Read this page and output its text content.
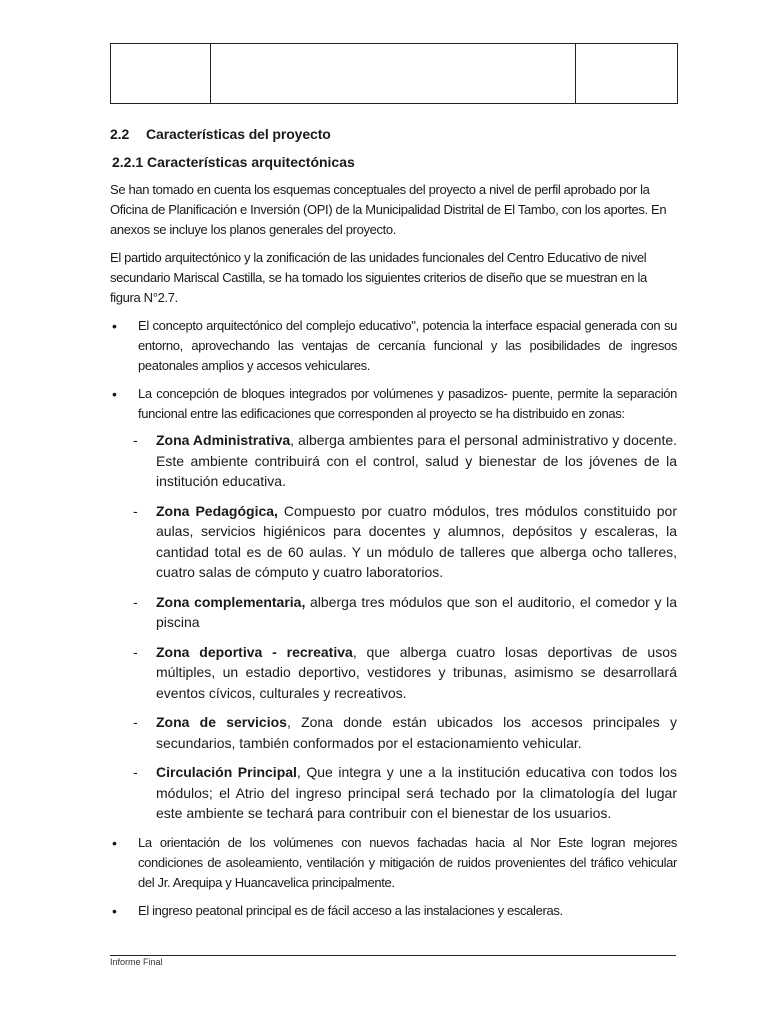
2.2 Características del proyecto
2.2.1 Características arquitectónicas

Se han tomado en cuenta los esquemas conceptuales del proyecto a nivel de perfil aprobado por la Oficina de Planificación e Inversión (OPI) de la Municipalidad Distrital de El Tambo, con los aportes. En anexos se incluye los planos generales del proyecto.

El partido arquitectónico y la zonificación de las unidades funcionales del Centro Educativo de nivel secundario Mariscal Castilla, se ha tomado los siguientes criterios de diseño que se muestran en la figura N°2.7.

• El concepto arquitectónico del complejo educativo", potencia la interface espacial generada con su entorno, aprovechando las ventajas de cercanía funcional y las posibilidades de ingresos peatonales amplios y accesos vehiculares.
• La concepción de bloques integrados por volúmenes y pasadizos- puente, permite la separación funcional entre las edificaciones que corresponden al proyecto se ha distribuido en zonas:
- Zona Administrativa, alberga ambientes para el personal administrativo y docente. Este ambiente contribuirá con el control, salud y bienestar de los jóvenes de la institución educativa.
- Zona Pedagógica, Compuesto por cuatro módulos, tres módulos constituido por aulas, servicios higiénicos para docentes y alumnos, depósitos y escaleras, la cantidad total es de 60 aulas. Y un módulo de talleres que alberga ocho talleres, cuatro salas de cómputo y cuatro laboratorios.
- Zona complementaria, alberga tres módulos que son el auditorio, el comedor y la piscina
- Zona deportiva - recreativa, que alberga cuatro losas deportivas de usos múltiples, un estadio deportivo, vestidores y tribunas, asimismo se desarrollará eventos cívicos, culturales y recreativos.
- Zona de servicios, Zona donde están ubicados los accesos principales y secundarios, también conformados por el estacionamiento vehicular.
- Circulación Principal, Que integra y une a la institución educativa con todos los módulos; el Atrio del ingreso principal será techado por la climatología del lugar este ambiente se techará para contribuir con el bienestar de los usuarios.
• La orientación de los volúmenes con nuevos fachadas hacia al Nor Este logran mejores condiciones de asoleamiento, ventilación y mitigación de ruidos provenientes del tráfico vehicular del Jr. Arequipa y Huancavelica principalmente.
• El ingreso peatonal principal es de fácil acceso a las instalaciones y escaleras.
Informe Final
